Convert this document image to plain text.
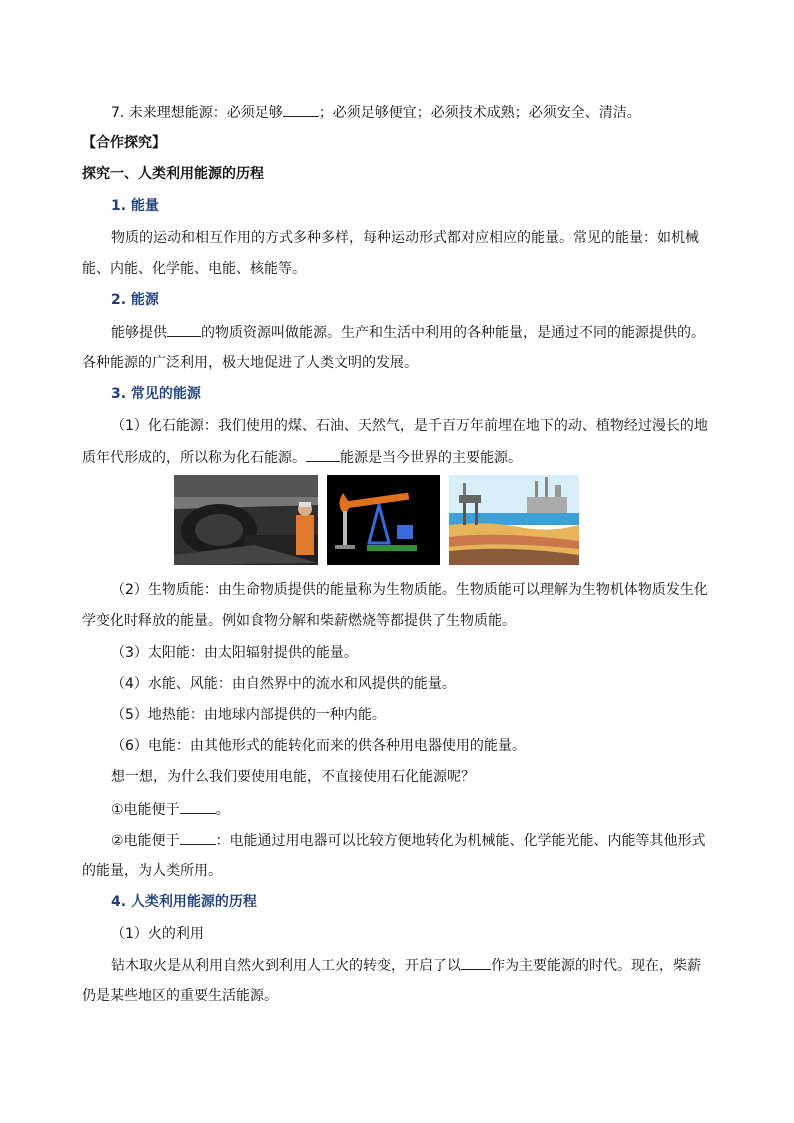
7. 未来理想能源：必须足够	；必须足够便宜；必须技术成熟；必须安全、清洁。
【合作探究】
探究一、人类利用能源的历程
1. 能量
物质的运动和相互作用的方式多种多样，每种运动形式都对应相应的能量。常见的能量：如机械
能、内能、化学能、电能、核能等。
2. 能源
能够提供 的物质资源叫做能源。生产和生活中利用的各种能量，是通过不同的能源提供的。
各种能源的广泛利用，极大地促进了人类文明的发展。
3. 常见的能源
（1）化石能源：我们使用的煤、石油、天然气，是千百万年前埋在地下的动、植物经过漫长的地
质年代形成的，所以称为化石能源。 能源是当今世界的主要能源。
（2）生物质能：由生命物质提供的能量称为生物质能。生物质能可以理解为生物机体物质发生化
学变化时释放的能量。例如食物分解和柴薪燃烧等都提供了生物质能。
（3）太阳能：由太阳辐射提供的能量。
（4）水能、风能：由自然界中的流水和风提供的能量。
（5）地热能：由地球内部提供的一种内能。
（6）电能：由其他形式的能转化而来的供各种用电器使用的能量。
想一想，为什么我们要使用电能，不直接使用石化能源呢？
①电能便于	。
②电能便于	：电能通过用电器可以比较方便地转化为机械能、化学能光能、内能等其他形式
的能量，为人类所用。
4. 人类利用能源的历程
（1）火的利用
钻木取火是从利用自然火到利用人工火的转变，开启了以 作为主要能源的时代。现在，柴薪
仍是某些地区的重要生活能源。
